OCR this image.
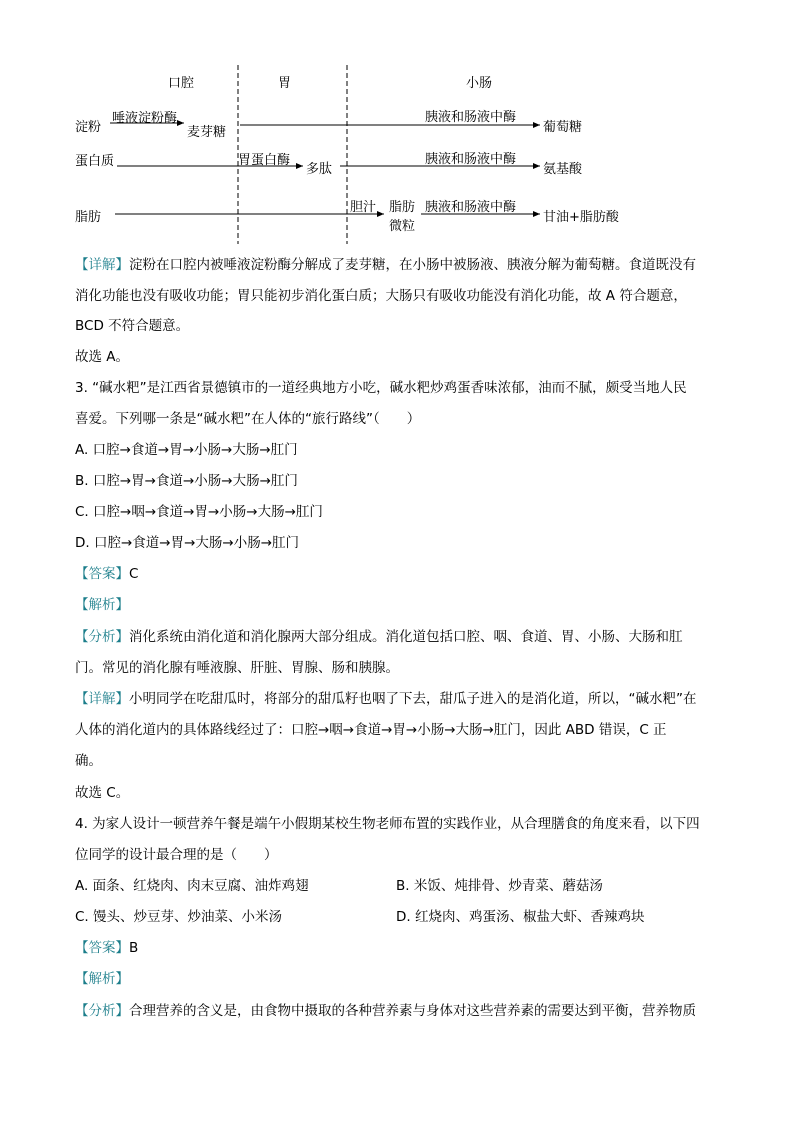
口腔	胃	小肠
淀粉
唾液淀粉酶
麦芽糖
胰液和肠液中酶
葡萄糖
蛋白质	胃蛋白酶
多肽
胰液和肠液中酶
氨基酸
脂肪
胆汁 脂肪
微粒
胰液和肠液中酶
甘油+脂肪酸
【详解】淀粉在口腔内被唾液淀粉酶分解成了麦芽糖，在小肠中被肠液、胰液分解为葡萄糖。食道既没有
消化功能也没有吸收功能；胃只能初步消化蛋白质；大肠只有吸收功能没有消化功能，故 A 符合题意，
BCD 不符合题意。
故选 A。
3. “碱水粑”是江西省景德镇市的一道经典地方小吃，碱水粑炒鸡蛋香味浓郁，油而不腻，颇受当地人民
喜爱。下列哪一条是“碱水粑”在人体的“旅行路线”（　　）
A. 口腔→食道→胃→小肠→大肠→肛门
B. 口腔→胃→食道→小肠→大肠→肛门
C. 口腔→咽→食道→胃→小肠→大肠→肛门
D. 口腔→食道→胃→大肠→小肠→肛门
【答案】C
【解析】
【分析】消化系统由消化道和消化腺两大部分组成。消化道包括口腔、咽、食道、胃、小肠、大肠和肛
门。常见的消化腺有唾液腺、肝脏、胃腺、肠和胰腺。
【详解】小明同学在吃甜瓜时，将部分的甜瓜籽也咽了下去，甜瓜子进入的是消化道，所以，“碱水粑”在
人体的消化道内的具体路线经过了：口腔→咽→食道→胃→小肠→大肠→肛门，因此 ABD 错误，C 正
确。
故选 C。
4. 为家人设计一顿营养午餐是端午小假期某校生物老师布置的实践作业，从合理膳食的角度来看，以下四
位同学的设计最合理的是（　　）
A. 面条、红烧肉、肉末豆腐、油炸鸡翅	B. 米饭、炖排骨、炒青菜、蘑菇汤
C. 馒头、炒豆芽、炒油菜、小米汤	D. 红烧肉、鸡蛋汤、椒盐大虾、香辣鸡块
【答案】B
【解析】
【分析】合理营养的含义是，由食物中摄取的各种营养素与身体对这些营养素的需要达到平衡，营养物质
